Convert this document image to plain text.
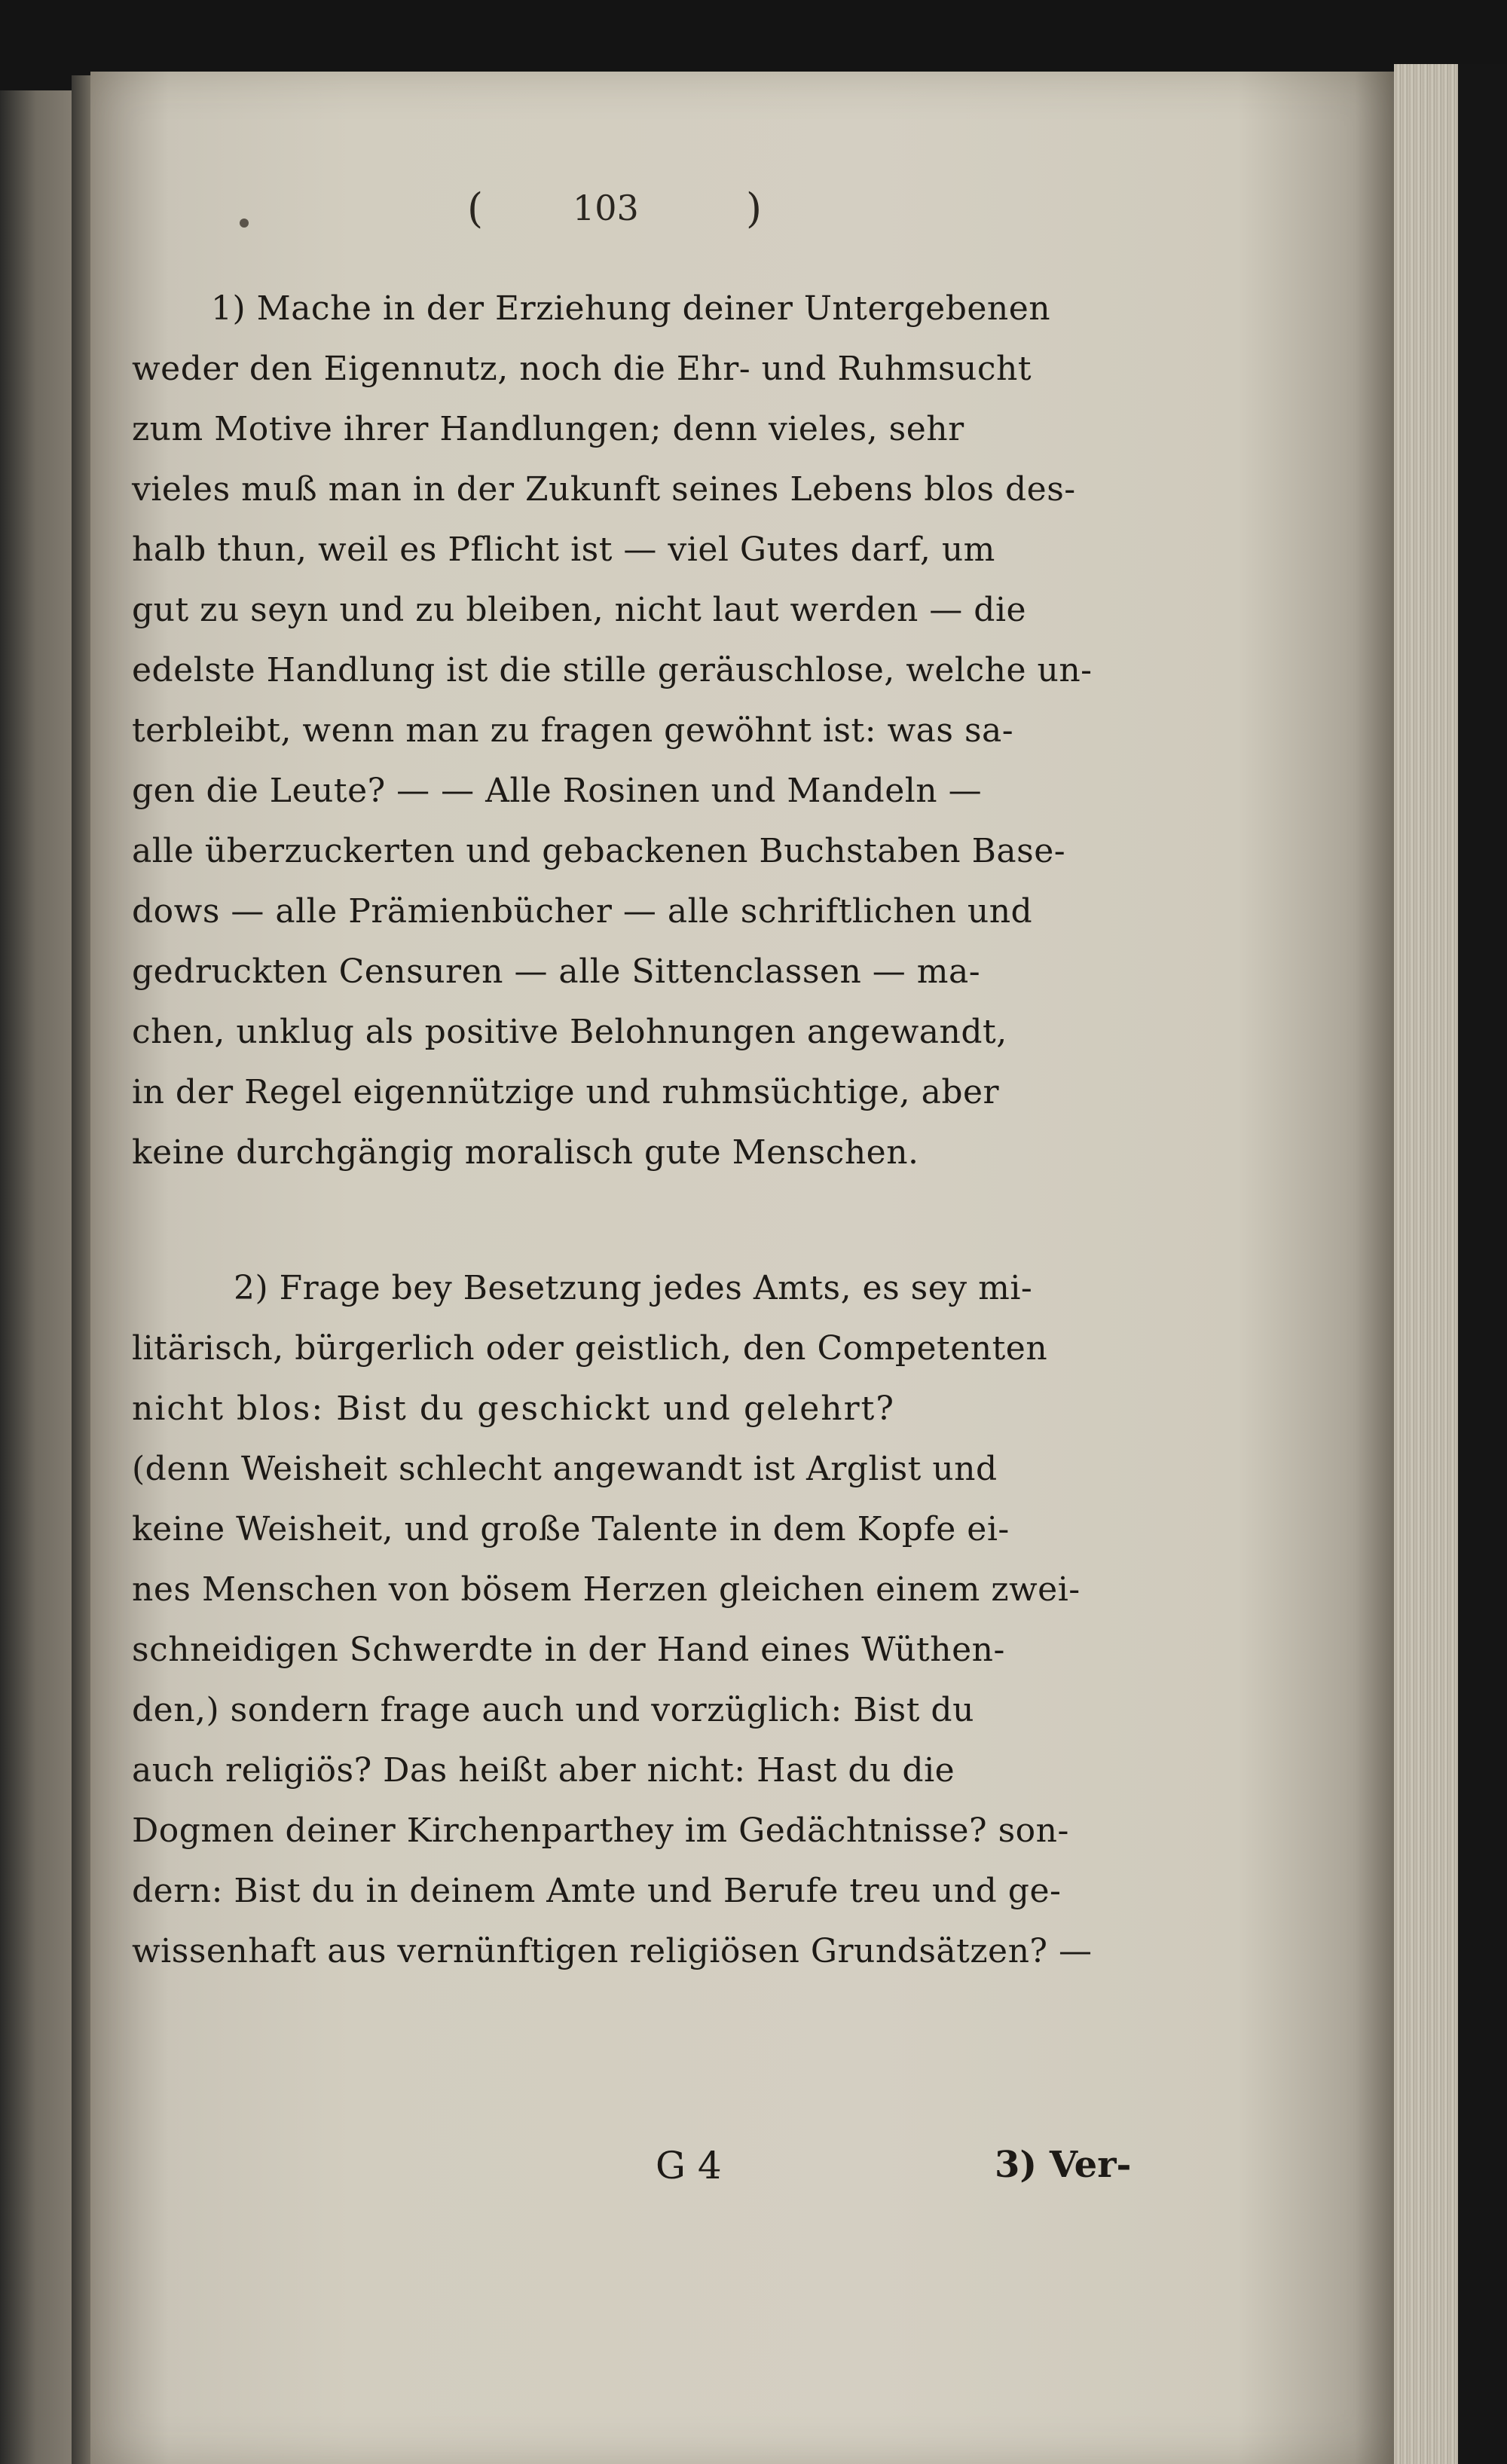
(	103	)
1) Mache in der Erziehung deiner Untergebenen
weder den Eigennutz, noch die Ehr- und Ruhmsucht
zum Motive ihrer Handlungen; denn vieles, sehr
vieles muß man in der Zukunft seines Lebens blos des-
halb thun, weil es Pflicht ist — viel Gutes darf, um
gut zu seyn und zu bleiben, nicht laut werden — die
edelste Handlung ist die stille geräuschlose, welche un-
terbleibt, wenn man zu fragen gewöhnt ist: was sa-
gen die Leute? — — Alle Rosinen und Mandeln —
alle überzuckerten und gebackenen Buchstaben Base-
dows — alle Prämienbücher — alle schriftlichen und
gedruckten Censuren — alle Sittenclassen — ma-
chen, unklug als positive Belohnungen angewandt,
in der Regel eigennützige und ruhmsüchtige, aber
keine durchgängig moralisch gute Menschen.
2) Frage bey Besetzung jedes Amts, es sey mi-
litärisch, bürgerlich oder geistlich, den Competenten
nicht blos: Bist du geschickt und gelehrt?
(denn Weisheit schlecht angewandt ist Arglist und
keine Weisheit, und große Talente in dem Kopfe ei-
nes Menschen von bösem Herzen gleichen einem zwei-
schneidigen Schwerdte in der Hand eines Wüthen-
den,) sondern frage auch und vorzüglich: Bist du
auch religiös? Das heißt aber nicht: Hast du die
Dogmen deiner Kirchenparthey im Gedächtnisse? son-
dern: Bist du in deinem Amte und Berufe treu und ge-
wissenhaft aus vernünftigen religiösen Grundsätzen? —
G 4	3) Ver-
